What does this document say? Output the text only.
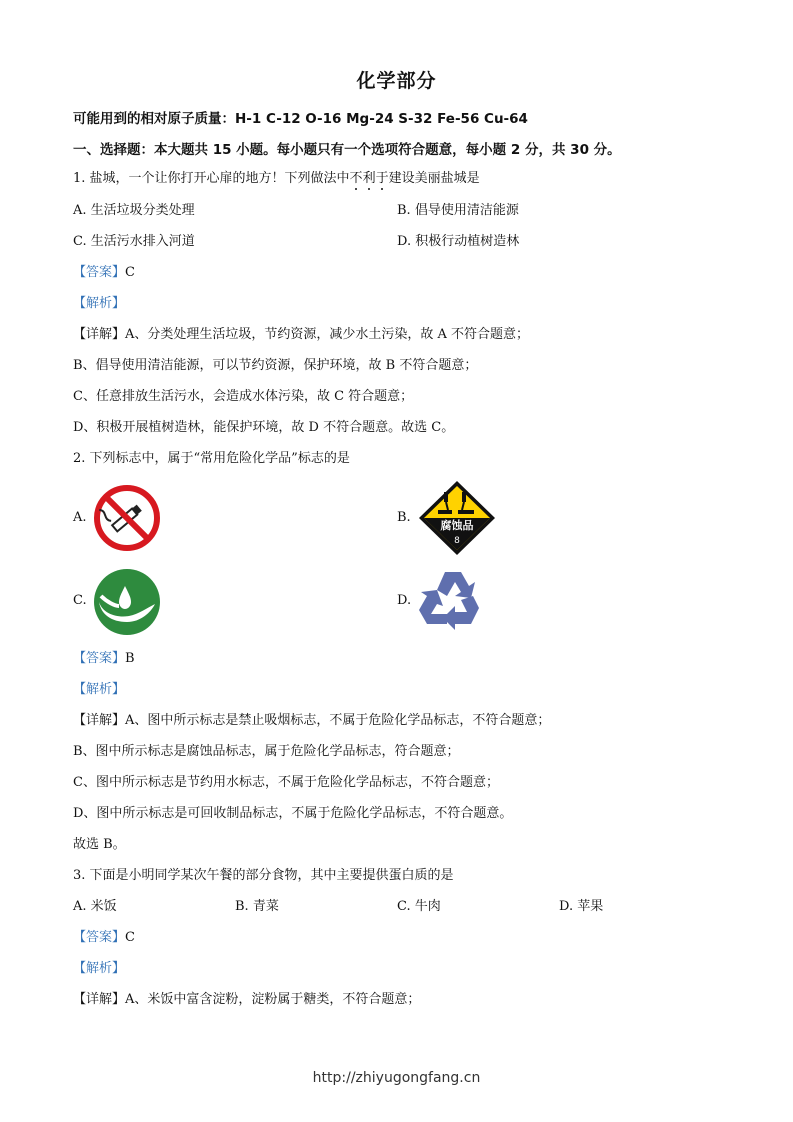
化学部分
可能用到的相对原子质量：H-1 C-12 O-16 Mg-24 S-32 Fe-56 Cu-64
一、选择题：本大题共 15 小题。每小题只有一个选项符合题意，每小题 2 分，共 30 分。
1. 盐城，一个让你打开心扉的地方！下列做法中不
利
于
建设美丽盐城是
A. 生活垃圾分类处理	B. 倡导使用清洁能源
C. 生活污水排入河道	D. 积极行动植树造林
【答案】C
【解析】
【详解】A、分类处理生活垃圾，节约资源，减少水土污染，故 A 不符合题意；
B、倡导使用清洁能源，可以节约资源，保护环境，故 B 不符合题意；
C、任意排放生活污水，会造成水体污染，故 C 符合题意；
D、积极开展植树造林，能保护环境，故 D 不符合题意。故选 C。
2. 下列标志中，属于“常用危险化学品”标志的是
A.	B.
腐蚀品
8
C.	D.
【答案】B
【解析】
【详解】A、图中所示标志是禁止吸烟标志，不属于危险化学品标志，不符合题意；
B、图中所示标志是腐蚀品标志，属于危险化学品标志，符合题意；
C、图中所示标志是节约用水标志，不属于危险化学品标志，不符合题意；
D、图中所示标志是可回收制品标志，不属于危险化学品标志，不符合题意。
故选 B。
3. 下面是小明同学某次午餐的部分食物，其中主要提供蛋白质的是
A. 米饭	B. 青菜	C. 牛肉	D. 苹果
【答案】C
【解析】
【详解】A、米饭中富含淀粉，淀粉属于糖类，不符合题意；
http://zhiyugongfang.cn
